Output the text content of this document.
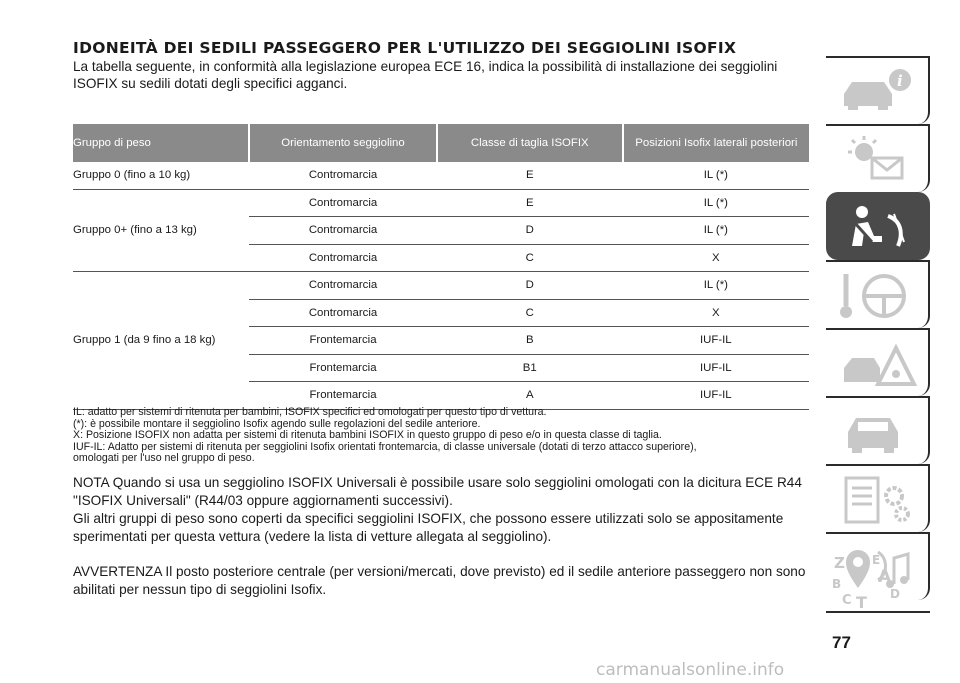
IDONEITÀ DEI SEDILI PASSEGGERO PER L'UTILIZZO DEI SEGGIOLINI ISOFIX
La tabella seguente, in conformità alla legislazione europea ECE 16, indica la possibilità di installazione dei seggiolini ISOFIX su sedili dotati degli specifici agganci.
Gruppo di peso	Orientamento seggiolino	Classe di taglia ISOFIX	Posizioni Isofix laterali posteriori
Gruppo 0 (fino a 10 kg)	Contromarcia	E	IL (*)
Gruppo 0+ (fino a 13 kg)	Contromarcia	E	IL (*)
	Contromarcia	D	IL (*)
	Contromarcia	C	X
Gruppo 1 (da 9 fino a 18 kg)	Contromarcia	D	IL (*)
	Contromarcia	C	X
	Frontemarcia	B	IUF-IL
	Frontemarcia	B1	IUF-IL
	Frontemarcia	A	IUF-IL
IL: adatto per sistemi di ritenuta per bambini, ISOFIX specifici ed omologati per questo tipo di vettura.
(*): è possibile montare il seggiolino Isofix agendo sulle regolazioni del sedile anteriore.
X: Posizione ISOFIX non adatta per sistemi di ritenuta bambini ISOFIX in questo gruppo di peso e/o in questa classe di taglia.
IUF-IL: Adatto per sistemi di ritenuta per seggiolini Isofix orientati frontemarcia, di classe universale (dotati di terzo attacco superiore),
omologati per l'uso nel gruppo di peso.
NOTA Quando si usa un seggiolino ISOFIX Universali è possibile usare solo seggiolini omologati con la dicitura ECE R44 "ISOFIX Universali" (R44/03 oppure aggiornamenti successivi).
Gli altri gruppi di peso sono coperti da specifici seggiolini ISOFIX, che possono essere utilizzati solo se appositamente sperimentati per questa vettura (vedere la lista di vetture allegata al seggiolino).
AVVERTENZA Il posto posteriore centrale (per versioni/mercati, dove previsto) ed il sedile anteriore passeggero non sono abilitati per nessun tipo di seggiolini Isofix.
77
i
Z E
A
B
C T D
carmanualsonline.info
